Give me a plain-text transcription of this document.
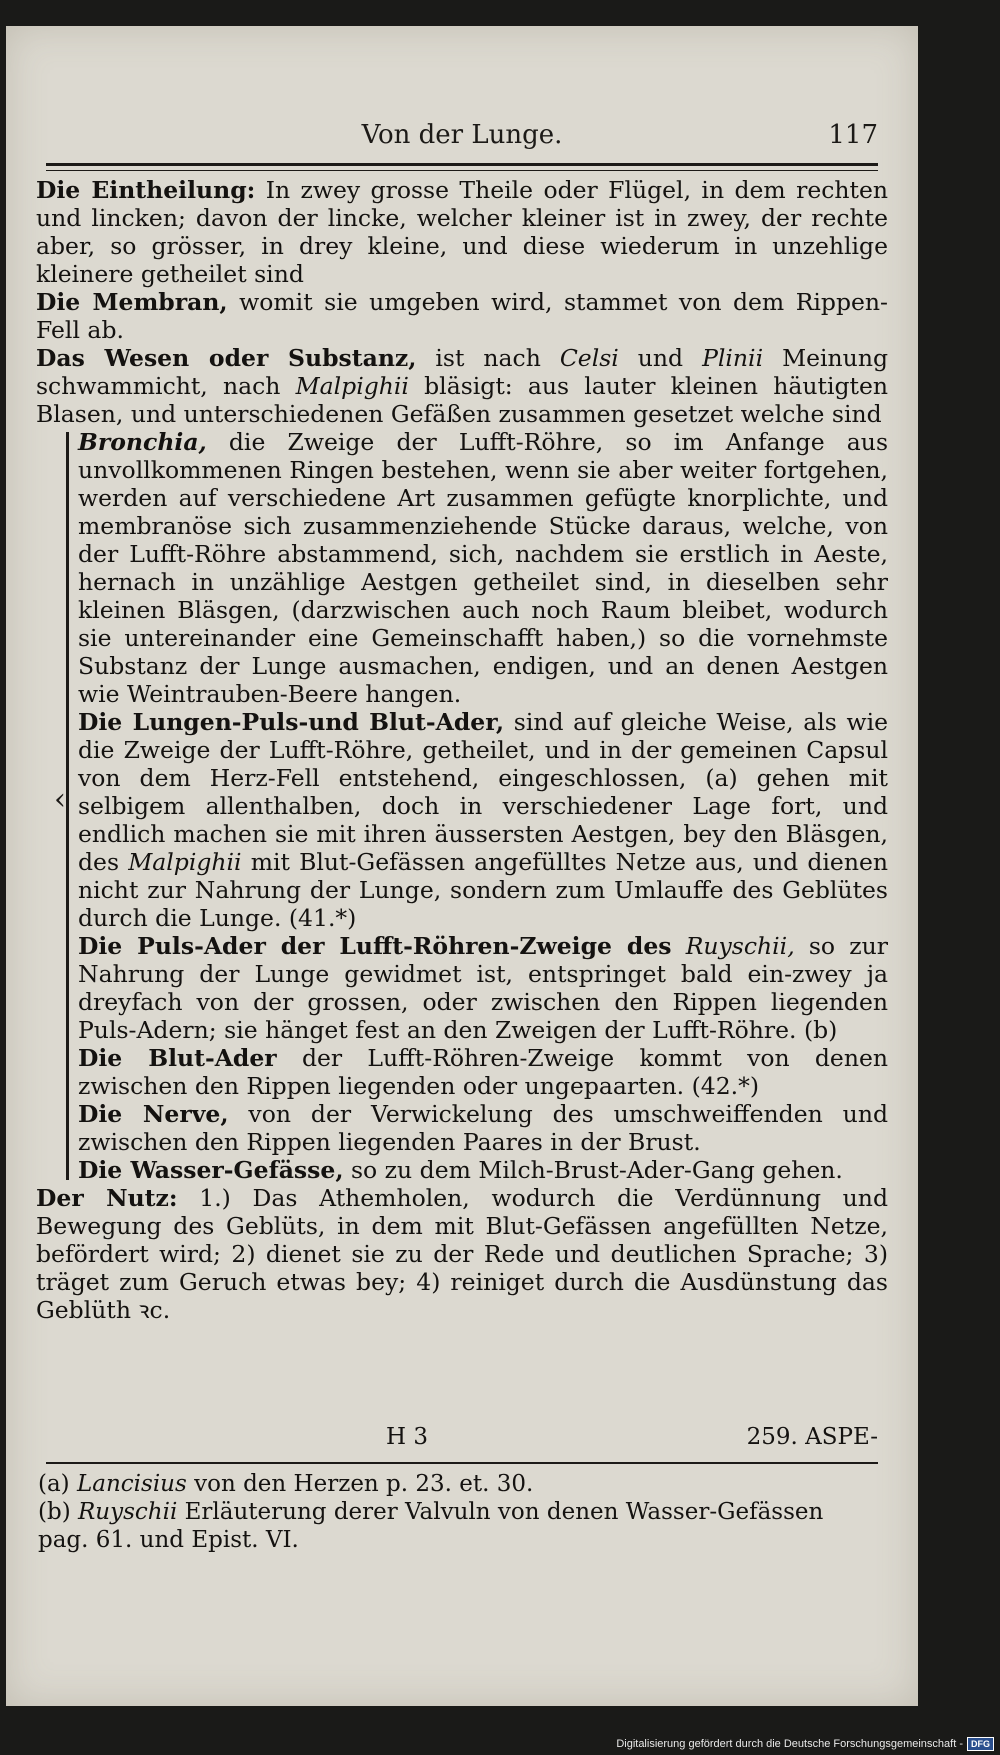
Von der Lunge.	117

Die Eintheilung: In zwey grosse Theile oder Flügel, in dem rechten und lincken; davon der lincke, welcher kleiner ist in zwey, der rechte aber, so grösser, in drey kleine, und diese wiederum in unzehlige kleinere getheilet sind

Die Membran, womit sie umgeben wird, stammet von dem Rippen-Fell ab.

Das Wesen oder Substanz, ist nach Celsi und Plinii Meinung schwammicht, nach Malpighii bläsigt: aus lauter kleinen häutigten Blasen, und unterschiedenen Gefäßen zusammen gesetzet welche sind

‹

Bronchia, die Zweige der Lufft-Röhre, so im Anfange aus unvollkommenen Ringen bestehen, wenn sie aber weiter fortgehen, werden auf verschiedene Art zusammen gefügte knorplichte, und membranöse sich zusammenziehende Stücke daraus, welche, von der Lufft-Röhre abstammend, sich, nachdem sie erstlich in Aeste, hernach in unzählige Aestgen getheilet sind, in dieselben sehr kleinen Bläsgen, (darzwischen auch noch Raum bleibet, wodurch sie untereinander eine Gemeinschafft haben,) so die vornehmste Substanz der Lunge ausmachen, endigen, und an denen Aestgen wie Weintrauben-Beere hangen.

Die Lungen-Puls-und Blut-Ader, sind auf gleiche Weise, als wie die Zweige der Lufft-Röhre, getheilet, und in der gemeinen Capsul von dem Herz-Fell entstehend, eingeschlossen, (a) gehen mit selbigem allenthalben, doch in verschiedener Lage fort, und endlich machen sie mit ihren äussersten Aestgen, bey den Bläsgen, des Malpighii mit Blut-Gefässen angefülltes Netze aus, und dienen nicht zur Nahrung der Lunge, sondern zum Umlauffe des Geblütes durch die Lunge. (41.*)

Die Puls-Ader der Lufft-Röhren-Zweige des Ruyschii, so zur Nahrung der Lunge gewidmet ist, entspringet bald ein-zwey ja dreyfach von der grossen, oder zwischen den Rippen liegenden Puls-Adern; sie hänget fest an den Zweigen der Lufft-Röhre. (b)

Die Blut-Ader der Lufft-Röhren-Zweige kommt von denen zwischen den Rippen liegenden oder ungepaarten. (42.*)

Die Nerve, von der Verwickelung des umschweiffenden und zwischen den Rippen liegenden Paares in der Brust.

Die Wasser-Gefässe, so zu dem Milch-Brust-Ader-Gang gehen.

Der Nutz: 1.) Das Athemholen, wodurch die Verdünnung und Bewegung des Geblüts, in dem mit Blut-Gefässen angefüllten Netze, befördert wird; 2) dienet sie zu der Rede und deutlichen Sprache; 3) träget zum Geruch etwas bey; 4) reiniget durch die Ausdünstung das Geblüth ꝛc.

H 3	259. ASPE-

(a) Lancisius von den Herzen p. 23. et. 30.

(b) Ruyschii Erläuterung derer Valvuln von denen Wasser-Gefässen pag. 61. und Epist. VI.

Digitalisierung gefördert durch die Deutsche Forschungsgemeinschaft - DFG
